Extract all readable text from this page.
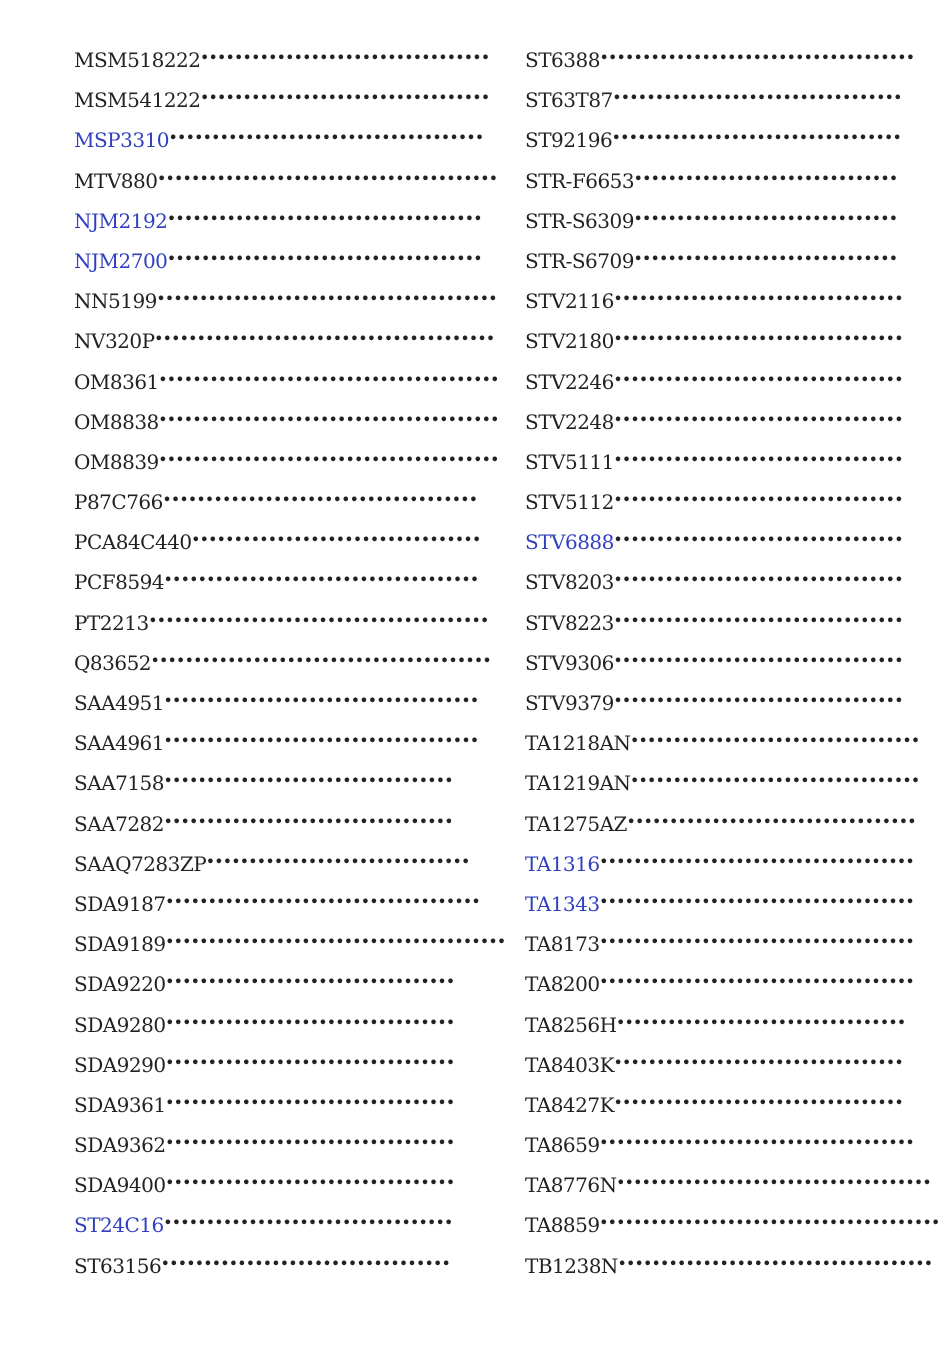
MSM518222 ••••••••••••••••••••••••••••••••••
MSM541222 ••••••••••••••••••••••••••••••••••
MSP3310 •••••••••••••••••••••••••••••••••••••
MTV880 ••••••••••••••••••••••••••••••••••••••••
NJM2192 •••••••••••••••••••••••••••••••••••••
NJM2700 •••••••••••••••••••••••••••••••••••••
NN5199 ••••••••••••••••••••••••••••••••••••••••
NV320P ••••••••••••••••••••••••••••••••••••••••
OM8361 ••••••••••••••••••••••••••••••••••••••••
OM8838 ••••••••••••••••••••••••••••••••••••••••
OM8839 ••••••••••••••••••••••••••••••••••••••••
P87C766 •••••••••••••••••••••••••••••••••••••
PCA84C440 ••••••••••••••••••••••••••••••••••
PCF8594 •••••••••••••••••••••••••••••••••••••
PT2213 ••••••••••••••••••••••••••••••••••••••••
Q83652 ••••••••••••••••••••••••••••••••••••••••
SAA4951 •••••••••••••••••••••••••••••••••••••
SAA4961 •••••••••••••••••••••••••••••••••••••
SAA7158 ••••••••••••••••••••••••••••••••••
SAA7282 ••••••••••••••••••••••••••••••••••
SAAQ7283ZP •••••••••••••••••••••••••••••••
SDA9187 •••••••••••••••••••••••••••••••••••••
SDA9189 ••••••••••••••••••••••••••••••••••••••••
SDA9220 ••••••••••••••••••••••••••••••••••
SDA9280 ••••••••••••••••••••••••••••••••••
SDA9290 ••••••••••••••••••••••••••••••••••
SDA9361 ••••••••••••••••••••••••••••••••••
SDA9362 ••••••••••••••••••••••••••••••••••
SDA9400 ••••••••••••••••••••••••••••••••••
ST24C16 ••••••••••••••••••••••••••••••••••
ST63156 ••••••••••••••••••••••••••••••••••
ST6388 •••••••••••••••••••••••••••••••••••••
ST63T87 ••••••••••••••••••••••••••••••••••
ST92196 ••••••••••••••••••••••••••••••••••
STR-F6653 •••••••••••••••••••••••••••••••
STR-S6309 •••••••••••••••••••••••••••••••
STR-S6709 •••••••••••••••••••••••••••••••
STV2116 ••••••••••••••••••••••••••••••••••
STV2180 ••••••••••••••••••••••••••••••••••
STV2246 ••••••••••••••••••••••••••••••••••
STV2248 ••••••••••••••••••••••••••••••••••
STV5111 ••••••••••••••••••••••••••••••••••
STV5112 ••••••••••••••••••••••••••••••••••
STV6888 ••••••••••••••••••••••••••••••••••
STV8203 ••••••••••••••••••••••••••••••••••
STV8223 ••••••••••••••••••••••••••••••••••
STV9306 ••••••••••••••••••••••••••••••••••
STV9379 ••••••••••••••••••••••••••••••••••
TA1218AN ••••••••••••••••••••••••••••••••••
TA1219AN ••••••••••••••••••••••••••••••••••
TA1275AZ ••••••••••••••••••••••••••••••••••
TA1316 •••••••••••••••••••••••••••••••••••••
TA1343 •••••••••••••••••••••••••••••••••••••
TA8173 •••••••••••••••••••••••••••••••••••••
TA8200 •••••••••••••••••••••••••••••••••••••
TA8256H ••••••••••••••••••••••••••••••••••
TA8403K ••••••••••••••••••••••••••••••••••
TA8427K ••••••••••••••••••••••••••••••••••
TA8659 •••••••••••••••••••••••••••••••••••••
TA8776N •••••••••••••••••••••••••••••••••••••
TA8859 ••••••••••••••••••••••••••••••••••••••••
TB1238N •••••••••••••••••••••••••••••••••••••
